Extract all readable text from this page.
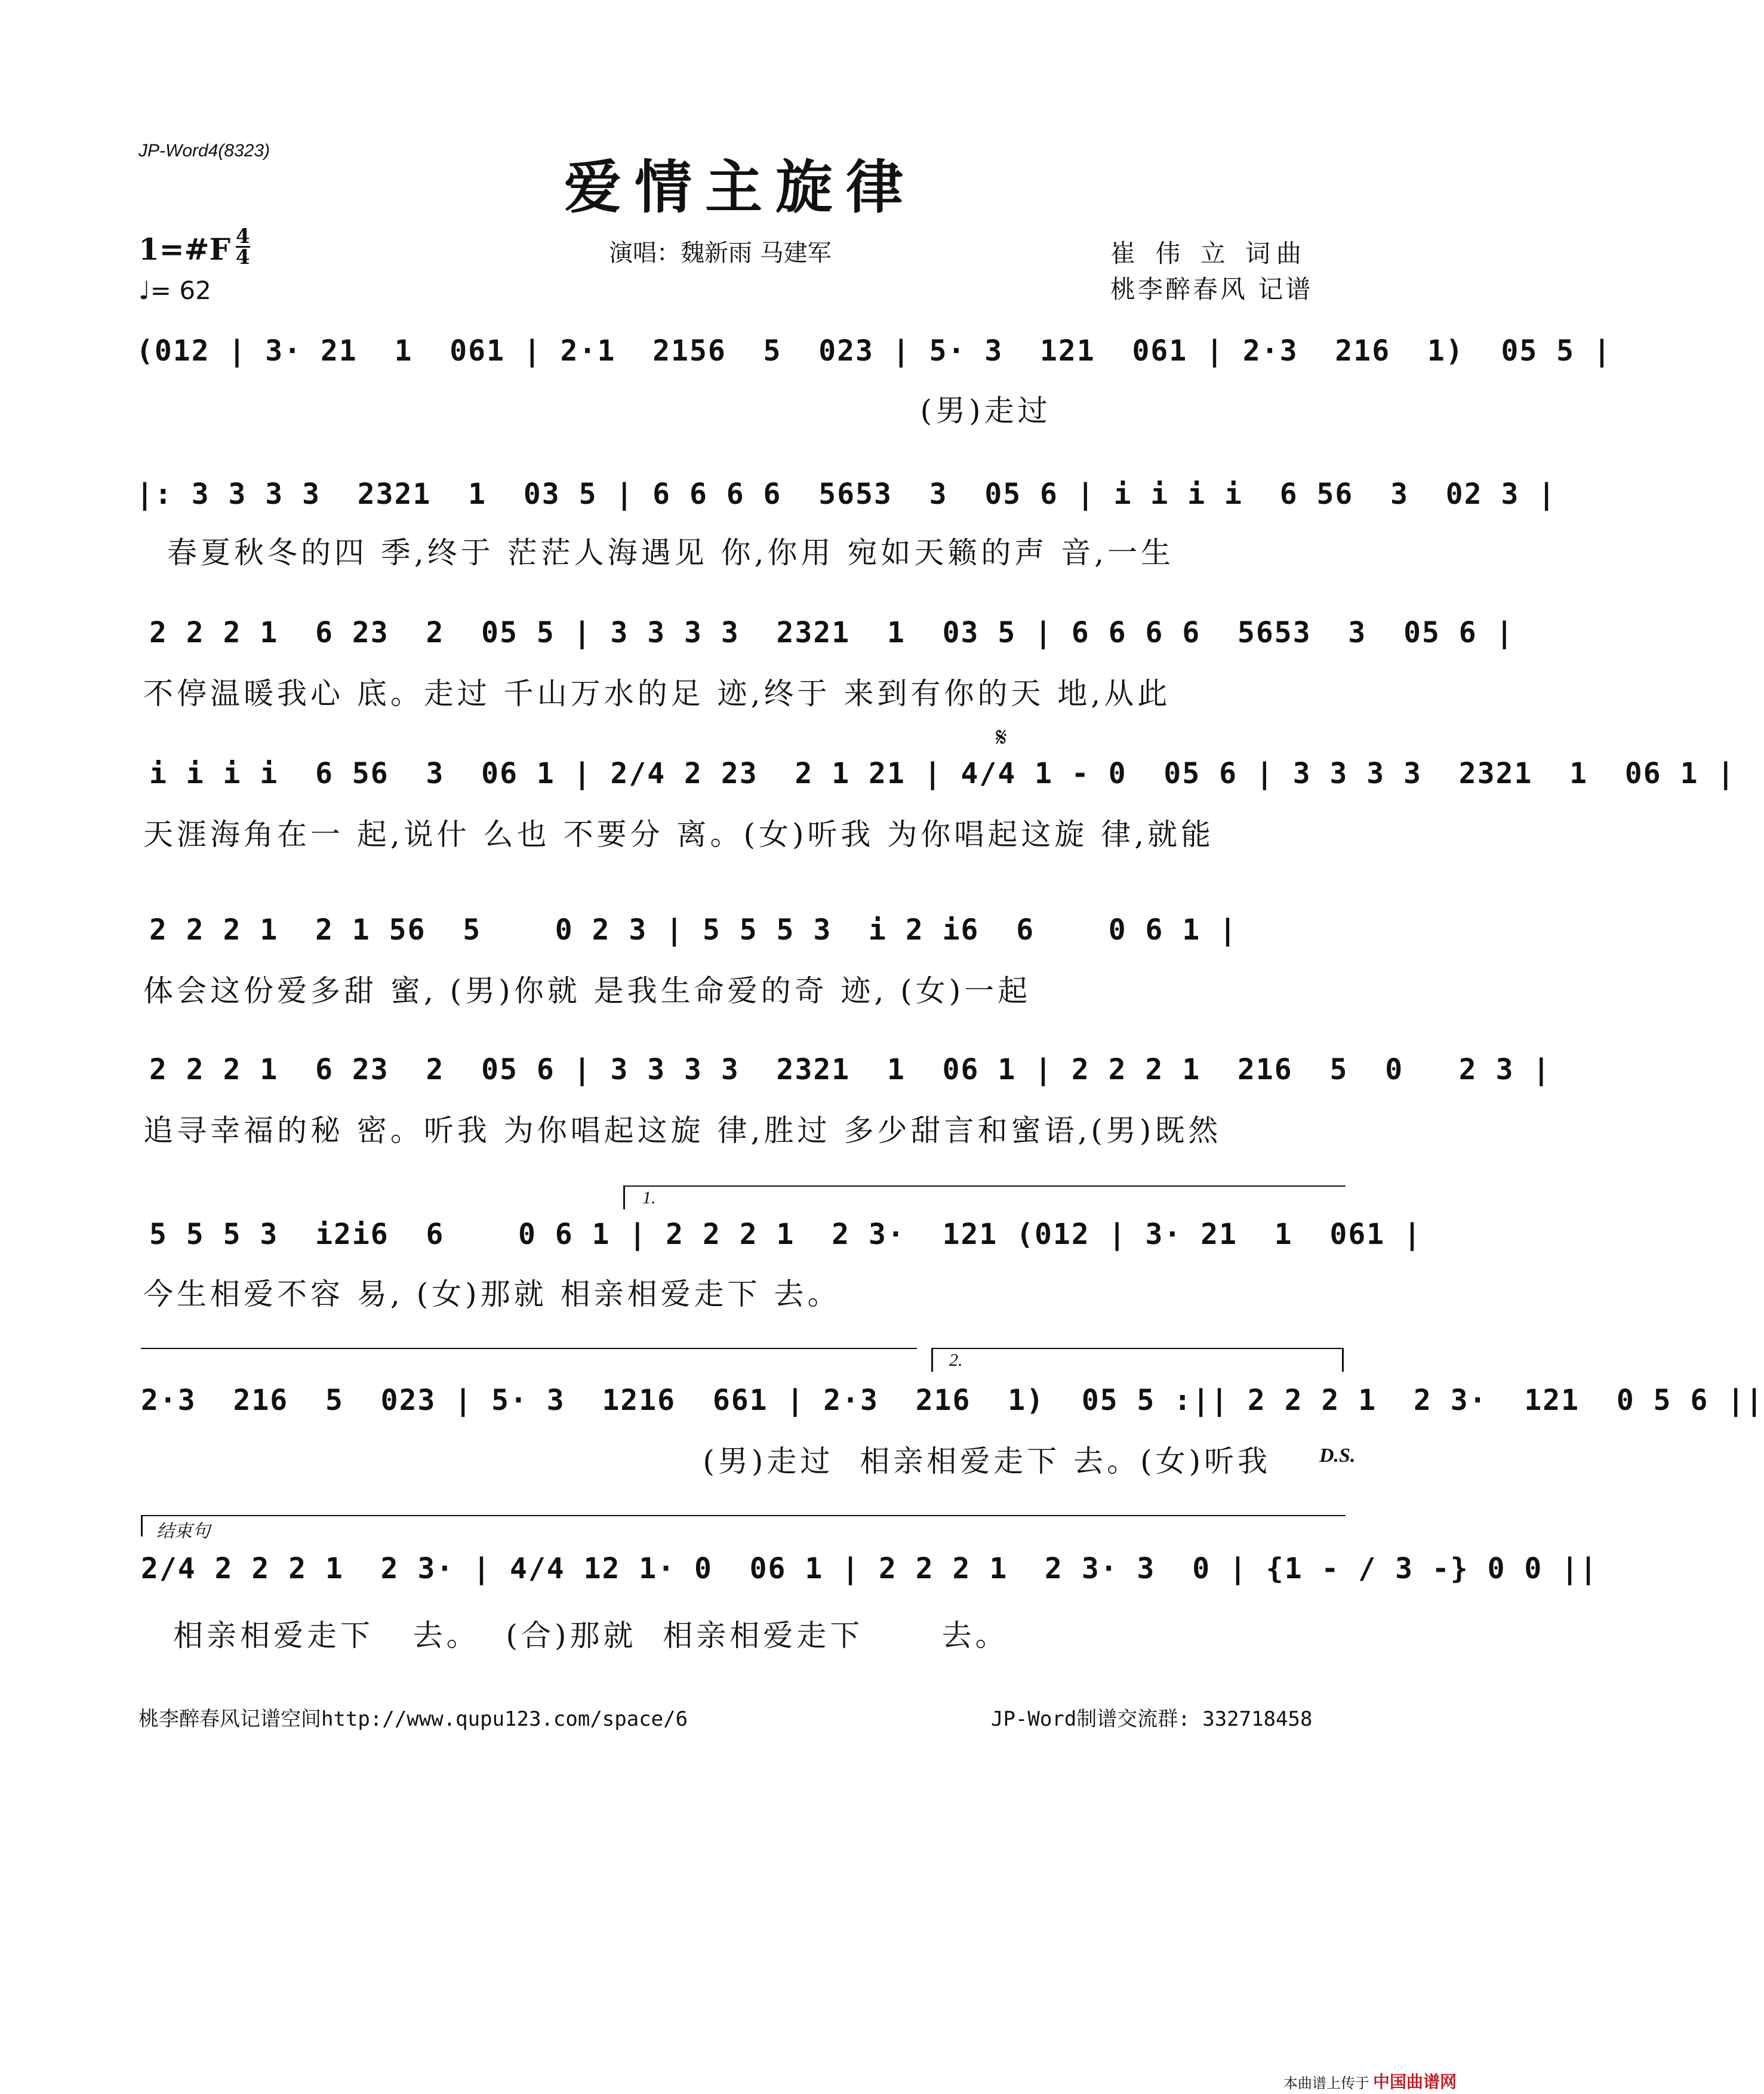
JP-Word4(8323)
爱情主旋律
1=#F 4
4
♩= 62
演唱：魏新雨 马建军	崔 伟 立 词曲
桃李醉春风 记谱
(012 | 3· 21  1  061 | 2·1  2156  5  023 | 5· 3  121  061 | 2·3  216  1)  05 5 |
(男)走过
|: 3 3 3 3  2321  1  03 5 | 6 6 6 6  5653  3  05 6 | i i i i  6 56  3  02 3 |
春夏秋冬的四 季,终于 茫茫人海遇见 你,你用 宛如天籁的声 音,一生
2 2 2 1  6 23  2  05 5 | 3 3 3 3  2321  1  03 5 | 6 6 6 6  5653  3  05 6 |
不停温暖我心 底。走过 千山万水的足 迹,终于 来到有你的天 地,从此
𝄋
i i i i  6 56  3  06 1 | 2/4 2 23  2 1 21 | 4/4 1 - 0  05 6 | 3 3 3 3  2321  1  06 1 |
天涯海角在一 起,说什 么也 不要分 离。(女)听我 为你唱起这旋 律,就能
2 2 2 1  2 1 56  5    0 2 3 | 5 5 5 3  i 2 i6  6    0 6 1 |
体会这份爱多甜 蜜, (男)你就 是我生命爱的奇 迹, (女)一起
2 2 2 1  6 23  2  05 6 | 3 3 3 3  2321  1  06 1 | 2 2 2 1  216  5  0   2 3 |
追寻幸福的秘 密。听我 为你唱起这旋 律,胜过 多少甜言和蜜语,(男)既然
1.
5 5 5 3  i2i6  6    0 6 1 | 2 2 2 1  2 3·  121 (012 | 3· 21  1  061 |
今生相爱不容 易, (女)那就 相亲相爱走下 去。
2.
2·3  216  5  023 | 5· 3  1216  661 | 2·3  216  1)  05 5 :|| 2 2 2 1  2 3·  121  0 5 6 ||
(男)走过  相亲相爱走下 去。(女)听我 D.S.
结束句
2/4 2 2 2 1  2 3· | 4/4 12 1· 0  06 1 | 2 2 2 1  2 3· 3  0 | {1 - / 3 -} 0 0 ||
相亲相爱走下   去。  (合)那就  相亲相爱走下      去。
桃李醉春风记谱空间http://www.qupu123.com/space/6	JP-Word制谱交流群: 332718458
本曲谱上传于 中国曲谱网
